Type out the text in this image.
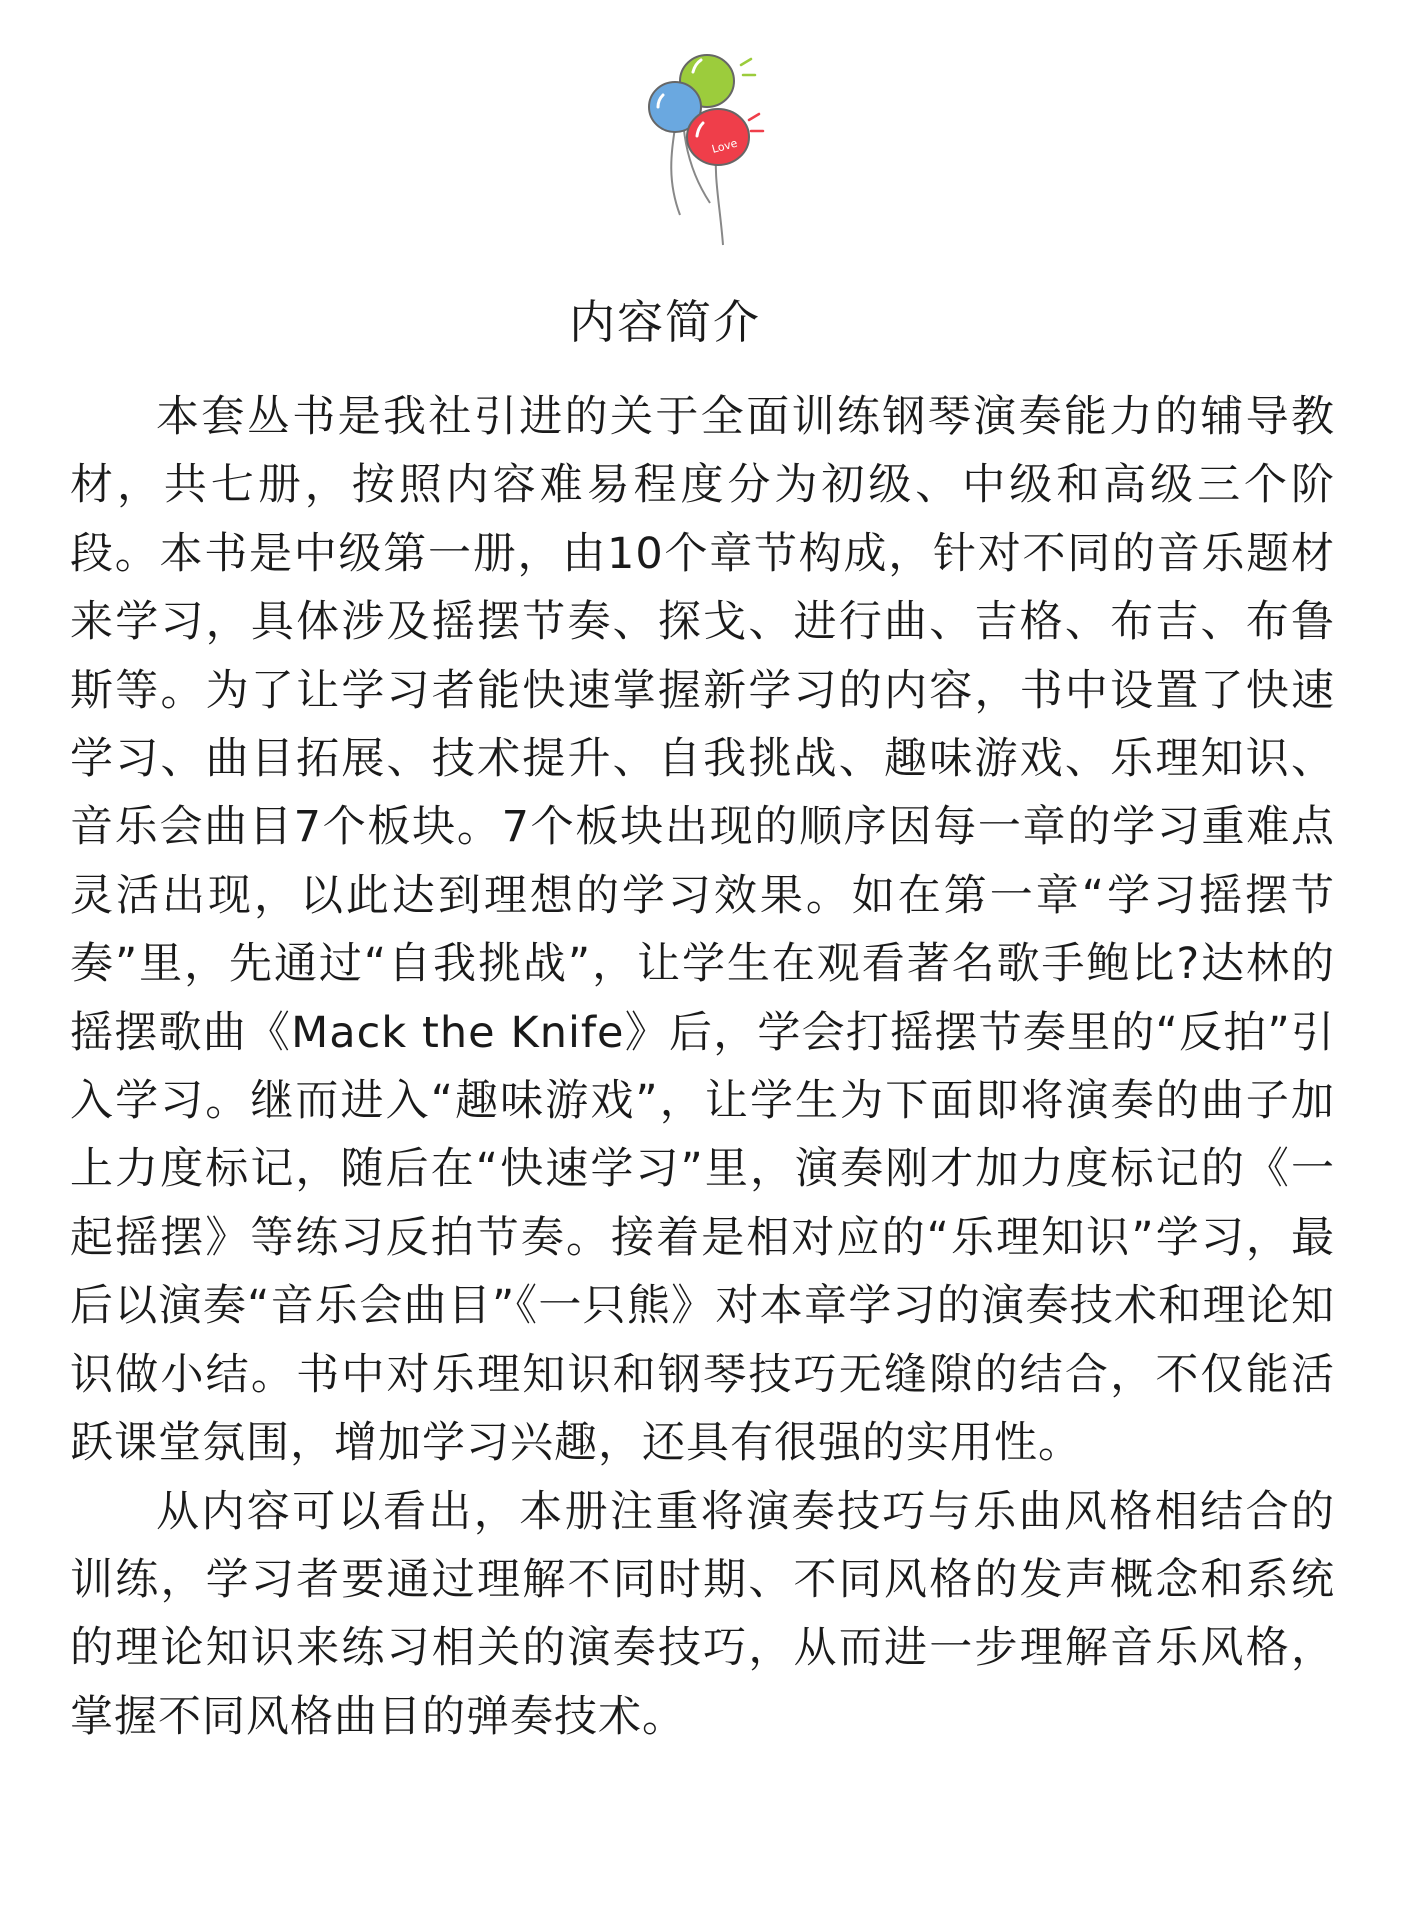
Love
内容简介

本套丛书是我社引进的关于全面训练钢琴演奏能力的辅导教材，共七册，按照内容难易程度分为初级、中级和高级三个阶段。本书是中级第一册，由10个章节构成，针对不同的音乐题材来学习，具体涉及摇摆节奏、探戈、进行曲、吉格、布吉、布鲁斯等。为了让学习者能快速掌握新学习的内容，书中设置了快速学习、曲目拓展、技术提升、自我挑战、趣味游戏、乐理知识、音乐会曲目7个板块。7个板块出现的顺序因每一章的学习重难点灵活出现，以此达到理想的学习效果。如在第一章“学习摇摆节奏”里，先通过“自我挑战”，让学生在观看著名歌手鲍比?达林的摇摆歌曲《Mack the Knife》后，学会打摇摆节奏里的“反拍”引入学习。继而进入“趣味游戏”，让学生为下面即将演奏的曲子加上力度标记，随后在“快速学习”里，演奏刚才加力度标记的《一起摇摆》等练习反拍节奏。接着是相对应的“乐理知识”学习，最后以演奏“音乐会曲目”《一只熊》对本章学习的演奏技术和理论知识做小结。书中对乐理知识和钢琴技巧无缝隙的结合，不仅能活跃课堂氛围，增加学习兴趣，还具有很强的实用性。

从内容可以看出，本册注重将演奏技巧与乐曲风格相结合的训练，学习者要通过理解不同时期、不同风格的发声概念和系统的理论知识来练习相关的演奏技巧，从而进一步理解音乐风格，掌握不同风格曲目的弹奏技术。
